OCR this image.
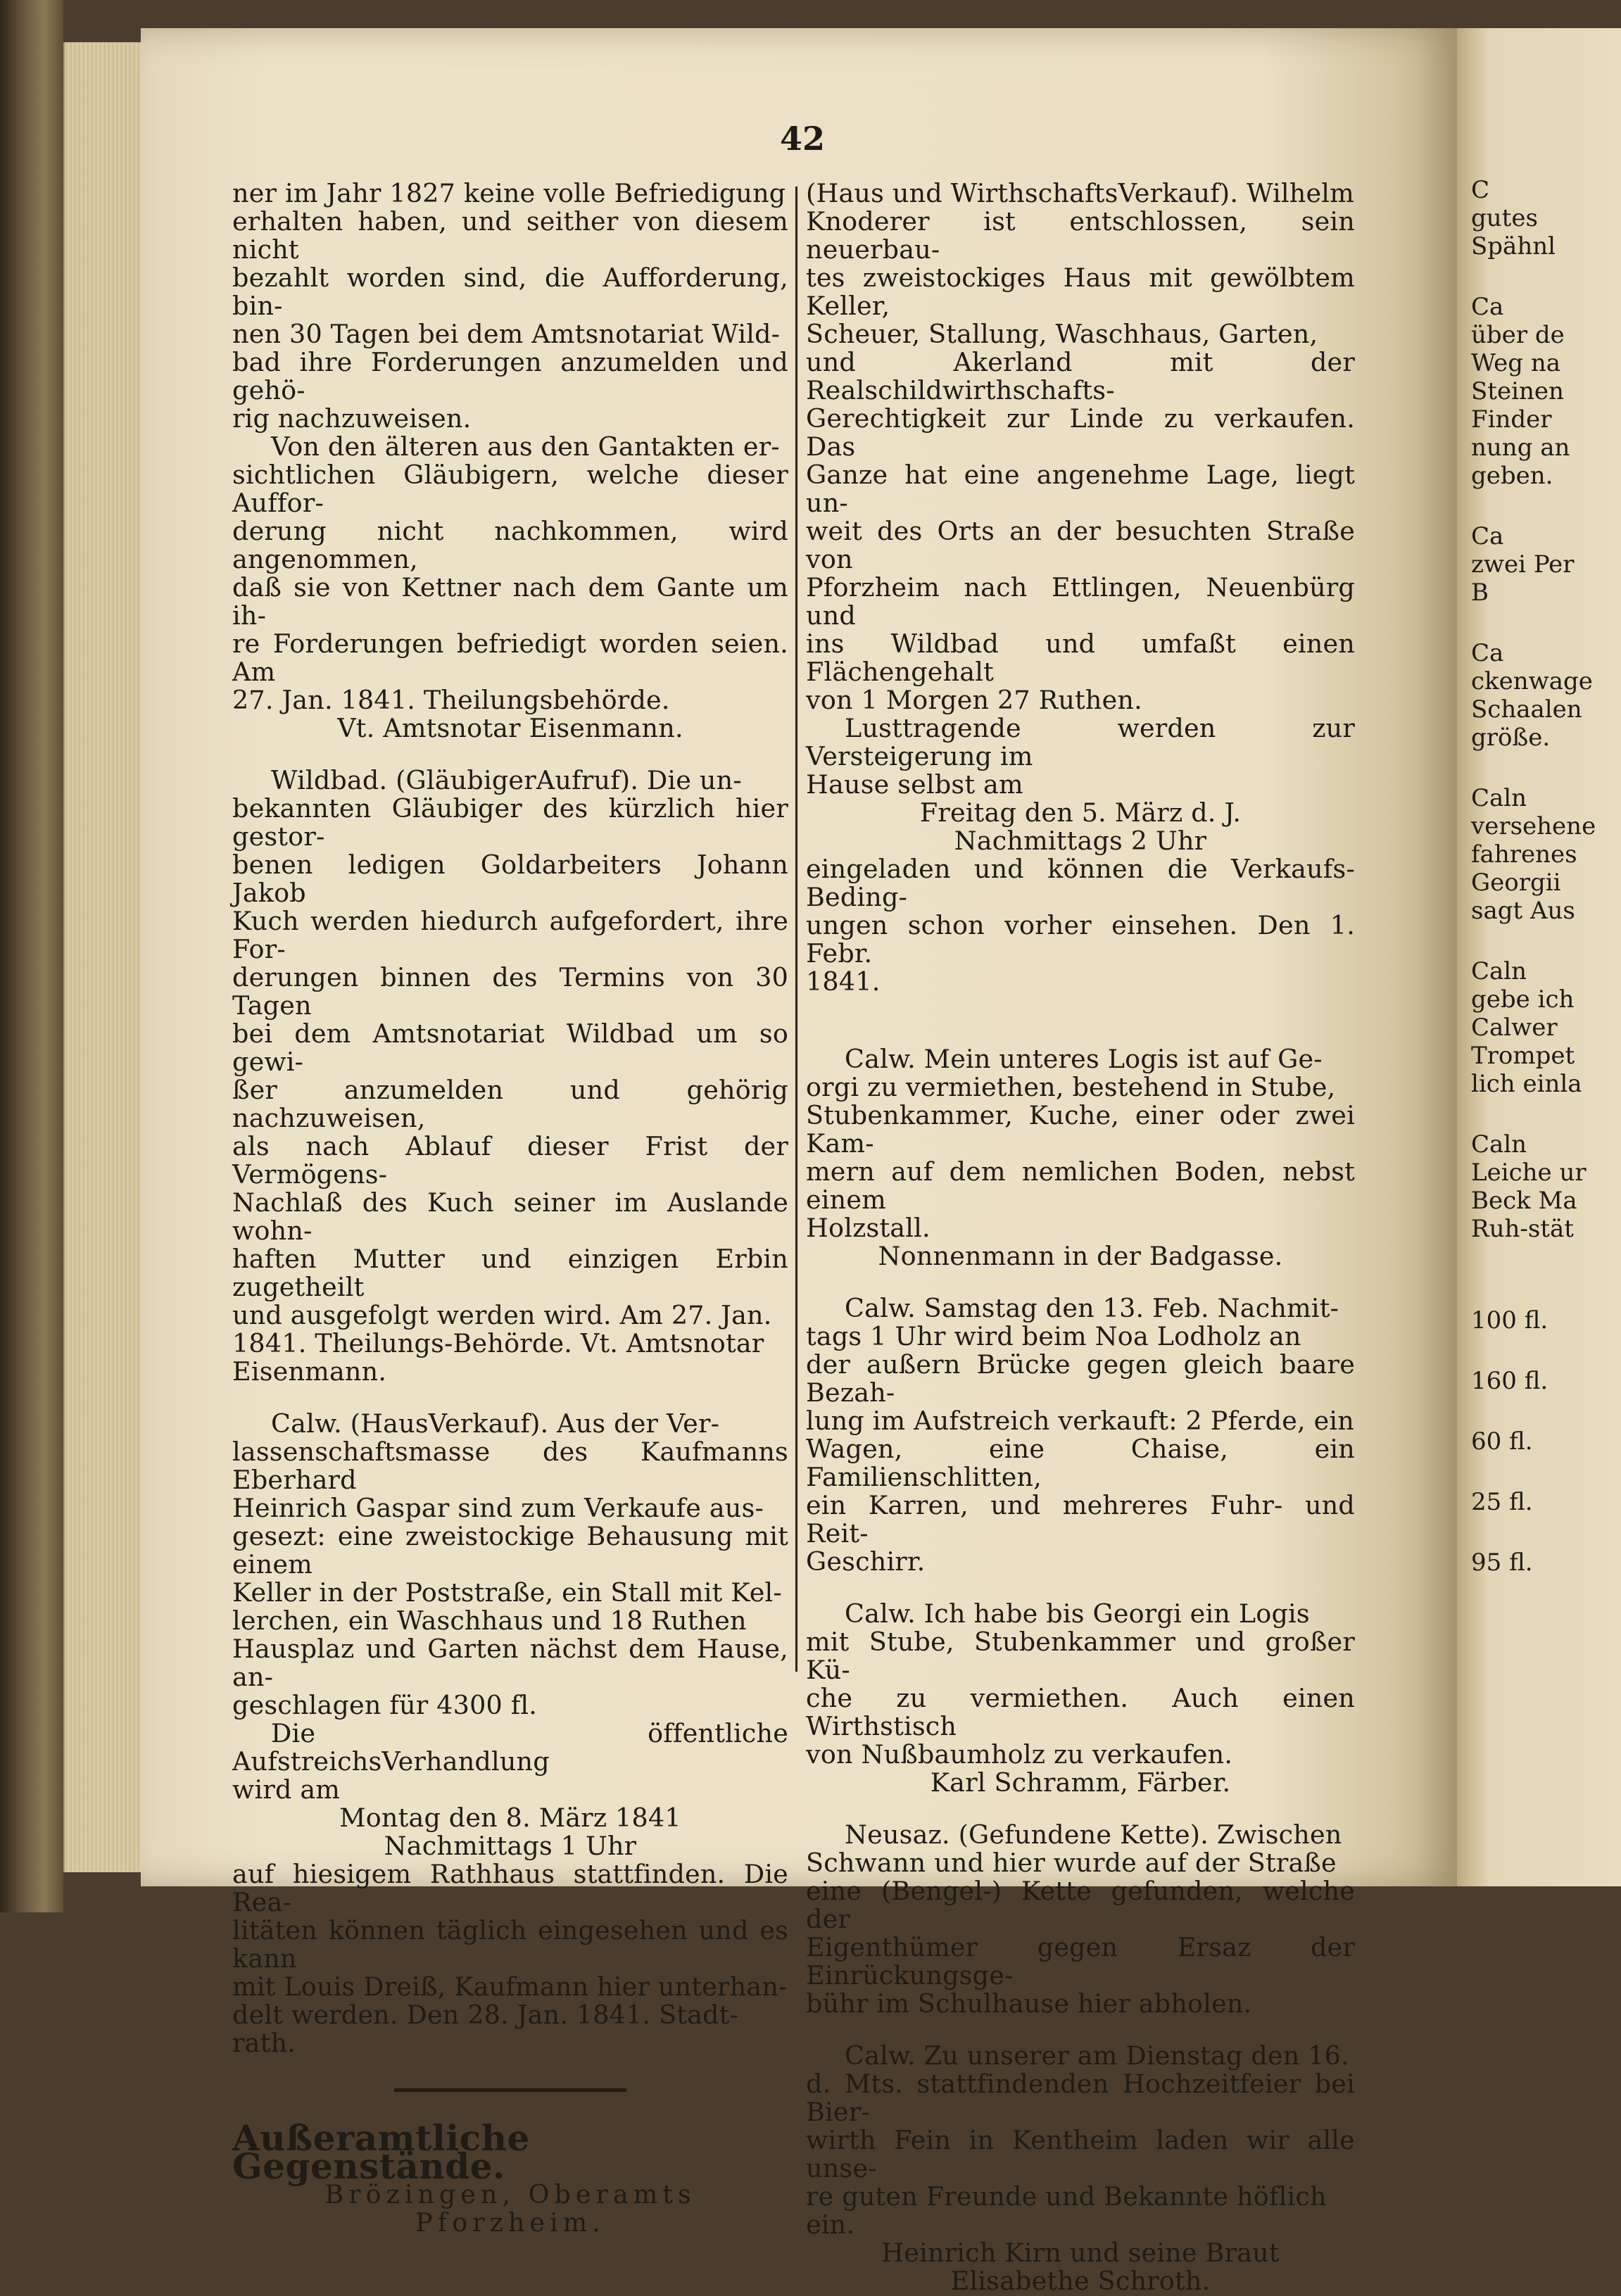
42

ner im Jahr 1827 keine volle Befriedigung

erhalten haben, und seither von diesem nicht

bezahlt worden sind, die Aufforderung, bin-

nen 30 Tagen bei dem Amtsnotariat Wild-

bad ihre Forderungen anzumelden und gehö-

rig nachzuweisen.

Von den älteren aus den Gantakten er-

sichtlichen Gläubigern, welche dieser Auffor-

derung nicht nachkommen, wird angenommen,

daß sie von Kettner nach dem Gante um ih-

re Forderungen befriedigt worden seien. Am

27. Jan. 1841. Theilungsbehörde.

Vt. Amtsnotar Eisenmann.

Wildbad. (GläubigerAufruf). Die un-

bekannten Gläubiger des kürzlich hier gestor-

benen ledigen Goldarbeiters Johann Jakob

Kuch werden hiedurch aufgefordert, ihre For-

derungen binnen des Termins von 30 Tagen

bei dem Amtsnotariat Wildbad um so gewi-

ßer anzumelden und gehörig nachzuweisen,

als nach Ablauf dieser Frist der Vermögens-

Nachlaß des Kuch seiner im Auslande wohn-

haften Mutter und einzigen Erbin zugetheilt

und ausgefolgt werden wird. Am 27. Jan.

1841. Theilungs-Behörde. Vt. Amtsnotar

Eisenmann.

Calw. (HausVerkauf). Aus der Ver-

lassenschaftsmasse des Kaufmanns Eberhard

Heinrich Gaspar sind zum Verkaufe aus-

gesezt: eine zweistockige Behausung mit einem

Keller in der Poststraße, ein Stall mit Kel-

lerchen, ein Waschhaus und 18 Ruthen

Hausplaz und Garten nächst dem Hause, an-

geschlagen für 4300 fl.

Die öffentliche AufstreichsVerhandlung

wird am

Montag den 8. März 1841

Nachmittags 1 Uhr

auf hiesigem Rathhaus stattfinden. Die Rea-

litäten können täglich eingesehen und es kann

mit Louis Dreiß, Kaufmann hier unterhan-

delt werden. Den 28. Jan. 1841. Stadt-

rath.

Außeramtliche Gegenstände.

Brözingen, Oberamts Pforzheim.

(Haus und WirthschaftsVerkauf). Wilhelm

Knoderer ist entschlossen, sein neuerbau-

tes zweistockiges Haus mit gewölbtem Keller,

Scheuer, Stallung, Waschhaus, Garten,

und Akerland mit der Realschildwirthschafts-

Gerechtigkeit zur Linde zu verkaufen. Das

Ganze hat eine angenehme Lage, liegt un-

weit des Orts an der besuchten Straße von

Pforzheim nach Ettlingen, Neuenbürg und

ins Wildbad und umfaßt einen Flächengehalt

von 1 Morgen 27 Ruthen.

Lusttragende werden zur Versteigerung im

Hause selbst am

Freitag den 5. März d. J.

Nachmittags 2 Uhr

eingeladen und können die Verkaufs-Beding-

ungen schon vorher einsehen. Den 1. Febr.

1841.

Calw. Mein unteres Logis ist auf Ge-

orgi zu vermiethen, bestehend in Stube,

Stubenkammer, Kuche, einer oder zwei Kam-

mern auf dem nemlichen Boden, nebst einem

Holzstall.

Nonnenmann in der Badgasse.

Calw. Samstag den 13. Feb. Nachmit-

tags 1 Uhr wird beim Noa Lodholz an

der außern Brücke gegen gleich baare Bezah-

lung im Aufstreich verkauft: 2 Pferde, ein

Wagen, eine Chaise, ein Familienschlitten,

ein Karren, und mehreres Fuhr- und Reit-

Geschirr.

Calw. Ich habe bis Georgi ein Logis

mit Stube, Stubenkammer und großer Kü-

che zu vermiethen. Auch einen Wirthstisch

von Nußbaumholz zu verkaufen.

Karl Schramm, Färber.

Neusaz. (Gefundene Kette). Zwischen

Schwann und hier wurde auf der Straße

eine (Bengel-) Kette gefunden, welche der

Eigenthümer gegen Ersaz der Einrückungsge-

bühr im Schulhause hier abholen.

Calw. Zu unserer am Dienstag den 16.

d. Mts. stattfindenden Hochzeitfeier bei Bier-

wirth Fein in Kentheim laden wir alle unse-

re guten Freunde und Bekannte höflich ein.

Heinrich Kirn und seine Braut

Elisabethe Schroth.

C
gutes
Spähnl
Ca
über de
Weg na
Steinen
Finder
nung an
geben.
Ca
zwei Per
B
Ca
ckenwage
Schaalen
größe.
Caln
versehene
fahrenes
Georgii
sagt Aus
Caln
gebe ich
Calwer
Trompet
lich einla
Caln
Leiche ur
Beck Ma
Ruh-stät
100 fl.
160 fl.
60 fl.
25 fl.
95 fl.
